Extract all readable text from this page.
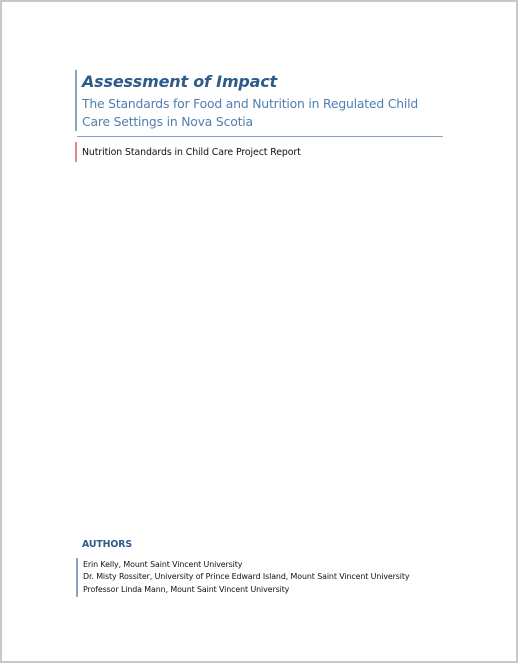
Assessment of Impact
The Standards for Food and Nutrition in Regulated Child
Care Settings in Nova Scotia
Nutrition Standards in Child Care Project Report
AUTHORS
Erin Kelly, Mount Saint Vincent University
Dr. Misty Rossiter, University of Prince Edward Island, Mount Saint Vincent University
Professor Linda Mann, Mount Saint Vincent University
